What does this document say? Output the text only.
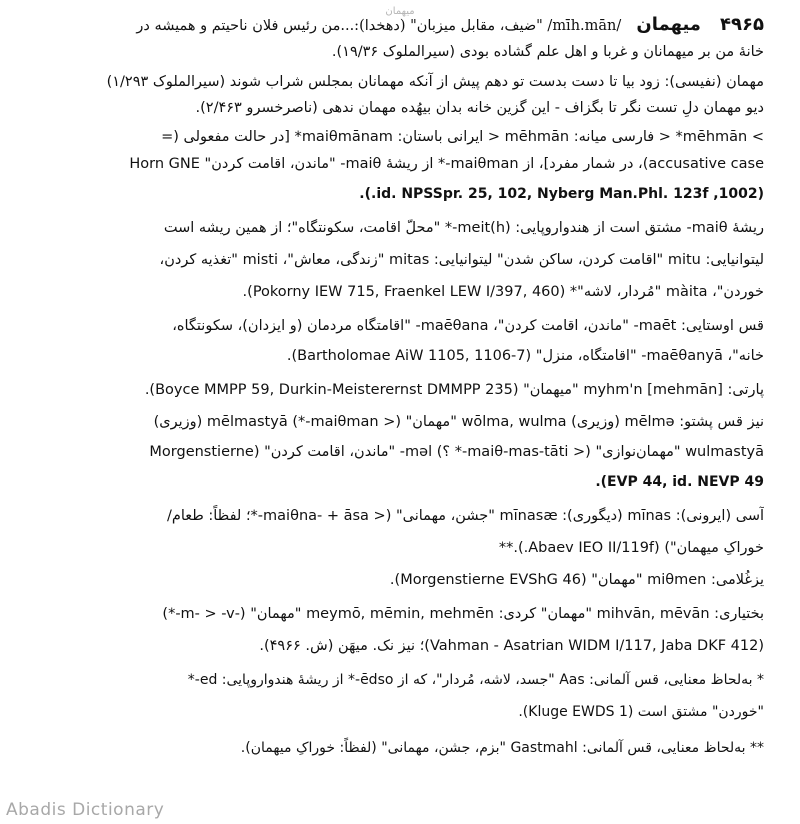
میهمان
۴۹۶۵ میهمان /mīh.mān/ "ضیف، مقابل میزبان" (دهخدا):...من رئیس فلان ناحیتم و همیشه در
خانهٔ من بر میهمانان و غربا و اهل علم گشاده بودی (سیرالملوک ۱۹/۳۶).
مهمان (نفیسی): زود بیا تا دست بدست تو دهم پیش از آنکه مهمانان بمجلس شراب شوند (سیرالملوک ۱/۲۹۳)
دیو مهمان دلِ تست نگر تا بگزاف - این گزین خانه بدان بیهُده مهمان ندهی (ناصرخسرو ۲/۴۶۳).
> mēhmān* < فارسی میانه: mēhmān < ایرانی باستان: maiθmānam* [در حالت مفعولی (=
accusative case)، در شمار مفرد]، از maiθman-* از ریشهٔ maiθ- "ماندن، اقامت کردن" Horn GNE
(1002, id. NPSSpr. 25, 102, Nyberg Man.Phl. 123f.).
ریشهٔ maiθ- مشتق است از هندواروپایی: meit(h)-* "محلّ اقامت، سکونتگاه"؛ از همین ریشه است
لیتوانیایی: mitu "اقامت کردن، ساکن شدن" لیتوانیایی: mitas "زندگی، معاش"، misti "تغذیه کردن،
خوردن"، màita "مُردار، لاشه"* (Pokorny IEW 715, Fraenkel LEW I/397, 460).
قس اوستایی: maēt- "ماندن، اقامت کردن"، maēθana- "اقامتگاه مردمان (و ایزدان)، سکونتگاه،
خانه"، maēθanyā- "اقامتگاه، منزل" (Bartholomae AiW 1105, 1106-7).
پارتی: [mehmān] myhm'n "میهمان" (Boyce MMPP 59, Durkin-Meisterernst DMMPP 235).
نیز قس پشتو: mēlmə (وزیری) wōlma, wulma "مهمان" (< maiθman-*) mēlmastyā (وزیری)
wulmastyā "مهمان‌نوازی" (< maiθ-mas-tāti-* ؟) mәl- "ماندن، اقامت کردن" (Morgenstierne
EVP 44, id. NEVP 49).
آسی (ایرونی): mīnas (دیگوری): mīnasæ "جشن، مهمانی" (< maiθna- + āsa-*؛ لفظاً: طعام/
خوراکِ میهمان") (Abaev IEO II/119f.).**
یزغُلامی: miθmen "مهمان" (Morgenstierne EVShG 46).
بختیاری: mihvān, mēvān "مهمان" کردی: meymō, mēmin, mehmēn "مهمان" (-m- > -v-*)
(Vahman - Asatrian WIDM I/117, Jaba DKF 412)؛ نیز نک. میهَن (ش. ۴۹۶۶).
* به‌لحاظ معنایی، قس آلمانی: Aas "جسد، لاشه، مُردار"، که از ēdso-* از ریشهٔ هندواروپایی: ed-*
"خوردن" مشتق است (Kluge EWDS 1).
** به‌لحاظ معنایی، قس آلمانی: Gastmahl "بزم، جشن، مهمانی" (لفظاً: خوراکِ میهمان).
Abadis Dictionary
